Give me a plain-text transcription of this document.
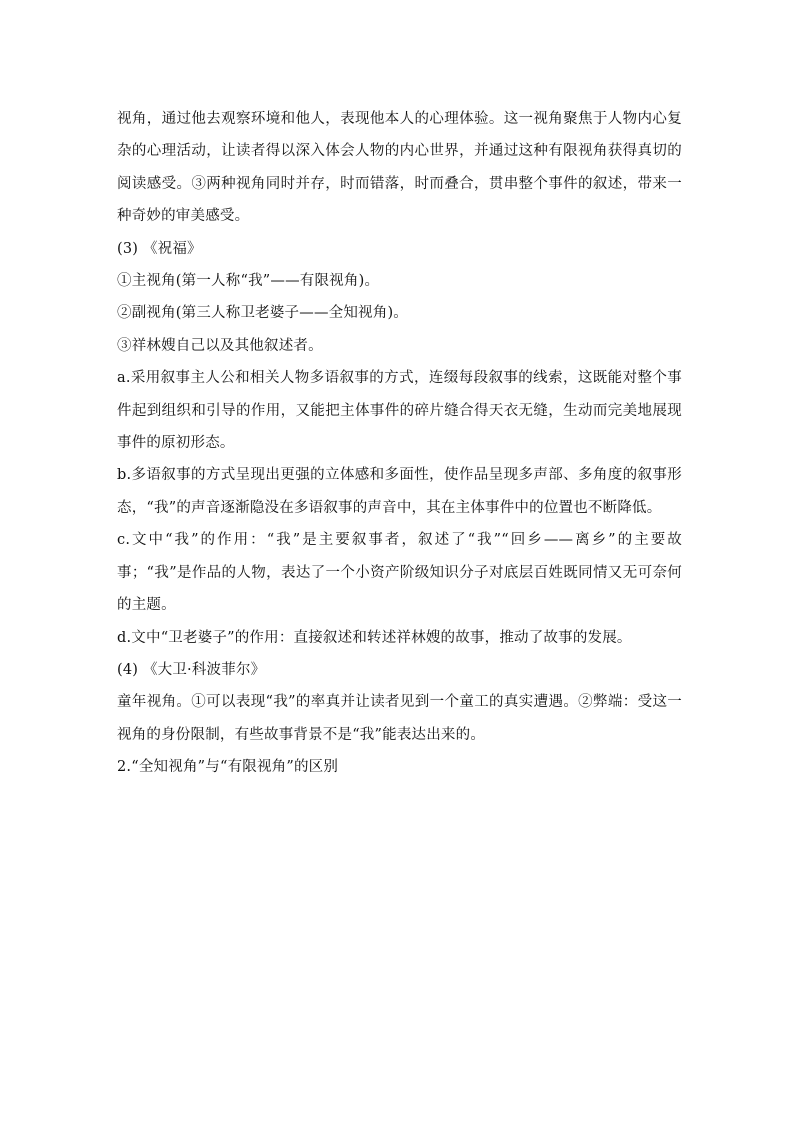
视角，通过他去观察环境和他人，表现他本人的心理体验。这一视角聚焦于人物内心复杂的心理活动，让读者得以深入体会人物的内心世界，并通过这种有限视角获得真切的阅读感受。③两种视角同时并存，时而错落，时而叠合，贯串整个事件的叙述，带来一种奇妙的审美感受。

(3) 《祝福》

①主视角(第一人称“我”——有限视角)。

②副视角(第三人称卫老婆子——全知视角)。

③祥林嫂自己以及其他叙述者。

a.采用叙事主人公和相关人物多语叙事的方式，连缀每段叙事的线索，这既能对整个事件起到组织和引导的作用，又能把主体事件的碎片缝合得天衣无缝，生动而完美地展现事件的原初形态。

b.多语叙事的方式呈现出更强的立体感和多面性，使作品呈现多声部、多角度的叙事形态，“我”的声音逐渐隐没在多语叙事的声音中，其在主体事件中的位置也不断降低。

c.文中“我”的作用：“我”是主要叙事者，叙述了“我”“回乡——离乡”的主要故事；“我”是作品的人物，表达了一个小资产阶级知识分子对底层百姓既同情又无可奈何的主题。

d.文中“卫老婆子”的作用：直接叙述和转述祥林嫂的故事，推动了故事的发展。

(4) 《大卫·科波菲尔》

童年视角。①可以表现“我”的率真并让读者见到一个童工的真实遭遇。②弊端：受这一视角的身份限制，有些故事背景不是“我”能表达出来的。

2.“全知视角”与“有限视角”的区别
